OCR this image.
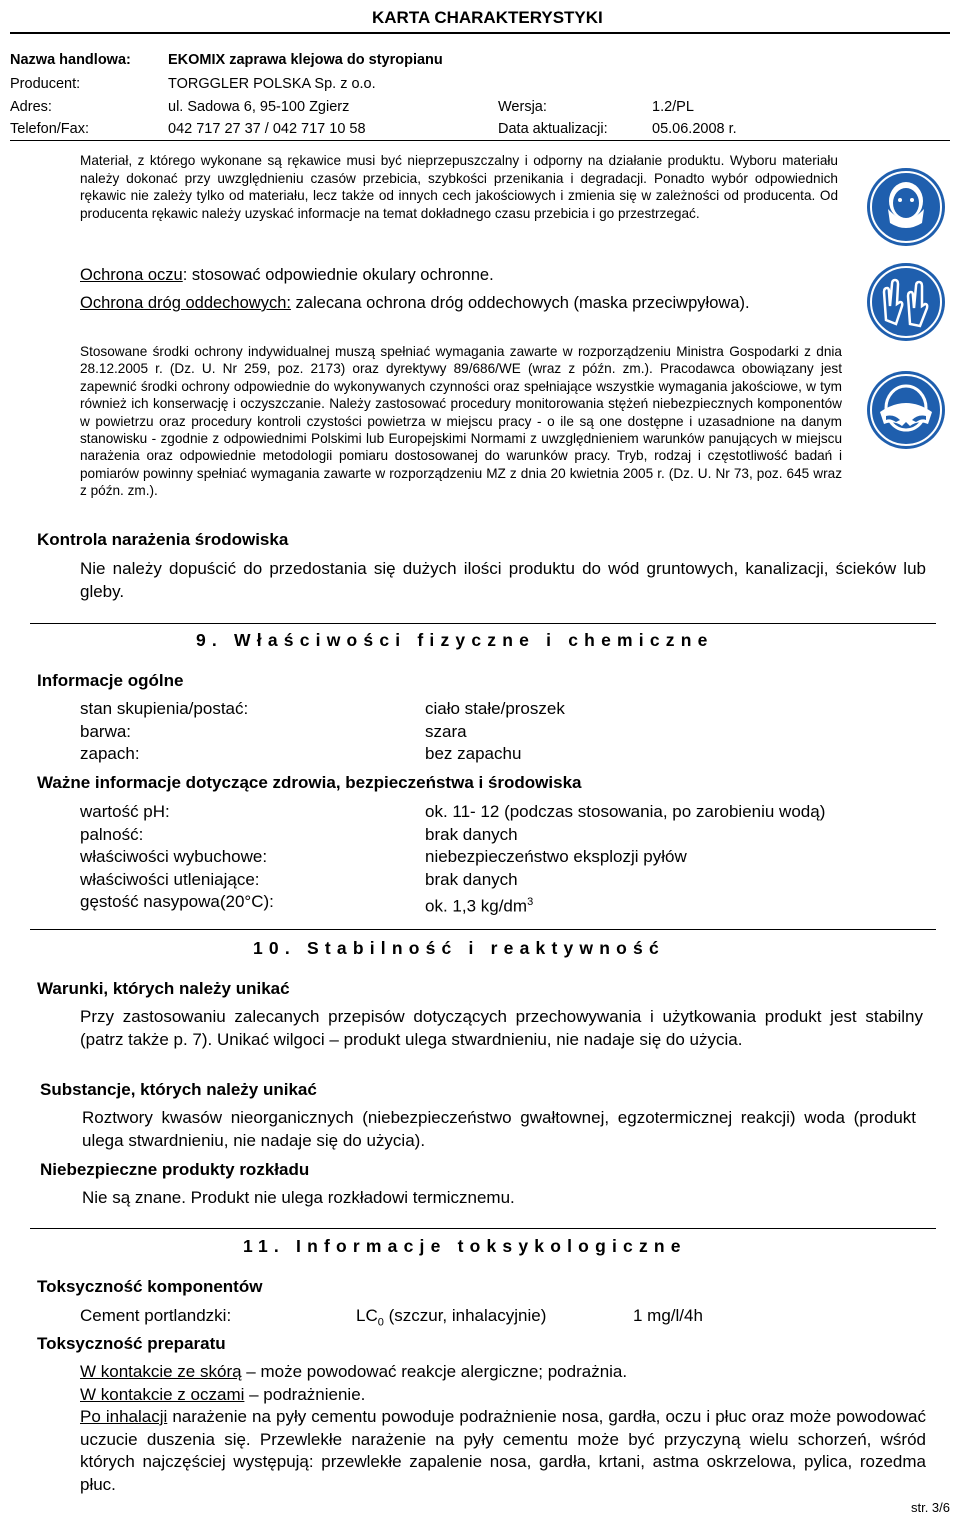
KARTA CHARAKTERYSTYKI
Nazwa handlowa:	EKOMIX zaprawa klejowa do styropianu
Producent:	TORGGLER POLSKA Sp. z o.o.
Adres:	ul. Sadowa 6, 95-100 Zgierz	Wersja:	1.2/PL
Telefon/Fax:	042 717 27 37 / 042 717 10 58	Data aktualizacji:	05.06.2008 r.
Materiał, z którego wykonane są rękawice musi być nieprzepuszczalny i odporny na działanie produktu. Wyboru materiału należy dokonać przy uwzględnieniu czasów przebicia, szybkości przenikania i degradacji. Ponadto wybór odpowiednich rękawic nie zależy tylko od materiału, lecz także od innych cech jakościowych i zmienia się w zależności od producenta. Od producenta rękawic należy uzyskać informacje na temat dokładnego czasu przebicia i go przestrzegać.
Ochrona oczu: stosować odpowiednie okulary ochronne.
Ochrona dróg oddechowych: zalecana ochrona dróg oddechowych (maska przeciwpyłowa).
Stosowane środki ochrony indywidualnej muszą spełniać wymagania zawarte w rozporządzeniu Ministra Gospodarki z dnia 28.12.2005 r. (Dz. U. Nr 259, poz. 2173) oraz dyrektywy 89/686/WE (wraz z późn. zm.). Pracodawca obowiązany jest zapewnić środki ochrony odpowiednie do wykonywanych czynności oraz spełniające wszystkie wymagania jakościowe, w tym również ich konserwację i oczyszczanie. Należy zastosować procedury monitorowania stężeń niebezpiecznych komponentów w powietrzu oraz procedury kontroli czystości powietrza w miejscu pracy - o ile są one dostępne i uzasadnione na danym stanowisku - zgodnie z odpowiednimi Polskimi lub Europejskimi Normami z uwzględnieniem warunków panujących w miejscu narażenia oraz odpowiednie metodologii pomiaru dostosowanej do warunków pracy. Tryb, rodzaj i częstotliwość badań i pomiarów powinny spełniać wymagania zawarte w rozporządzeniu MZ z dnia 20 kwietnia 2005 r. (Dz. U. Nr 73, poz. 645 wraz z późn. zm.).
Kontrola narażenia środowiska
Nie należy dopuścić do przedostania się dużych ilości produktu do wód gruntowych, kanalizacji, ścieków lub gleby.
9. Właściwości fizyczne i chemiczne
Informacje ogólne
stan skupienia/postać:	ciało stałe/proszek
barwa:	szara
zapach:	bez zapachu
Ważne informacje dotyczące zdrowia, bezpieczeństwa i środowiska
wartość pH:	ok. 11- 12 (podczas stosowania, po zarobieniu wodą)
palność:	brak danych
właściwości wybuchowe:	niebezpieczeństwo eksplozji pyłów
właściwości utleniające:	brak danych
gęstość nasypowa(20°C):	ok. 1,3 $kg/dm^3$
10. Stabilność i reaktywność
Warunki, których należy unikać
Przy zastosowaniu zalecanych przepisów dotyczących przechowywania i użytkowania produkt jest stabilny (patrz także p. 7). Unikać wilgoci – produkt ulega stwardnieniu, nie nadaje się do użycia.
Substancje, których należy unikać
Roztwory kwasów nieorganicznych (niebezpieczeństwo gwałtownej, egzotermicznej reakcji) woda (produkt ulega stwardnieniu, nie nadaje się do użycia).
Niebezpieczne produkty rozkładu
Nie są znane. Produkt nie ulega rozkładowi termicznemu.
11. Informacje toksykologiczne
Toksyczność komponentów
Cement portlandzki:	$LC_0$ (szczur, inhalacyjnie)	1 mg/l/4h
Toksyczność preparatu
W kontakcie ze skórą – może powodować reakcje alergiczne; podrażnia.
W kontakcie z oczami – podrażnienie.
Po inhalacji narażenie na pyły cementu powoduje podrażnienie nosa, gardła, oczu i płuc oraz może powodować uczucie duszenia się. Przewlekłe narażenie na pyły cementu może być przyczyną wielu schorzeń, wśród których najczęściej występują: przewlekłe zapalenie nosa, gardła, krtani, astma oskrzelowa, pylica, rozedma płuc.
str. 3/6
